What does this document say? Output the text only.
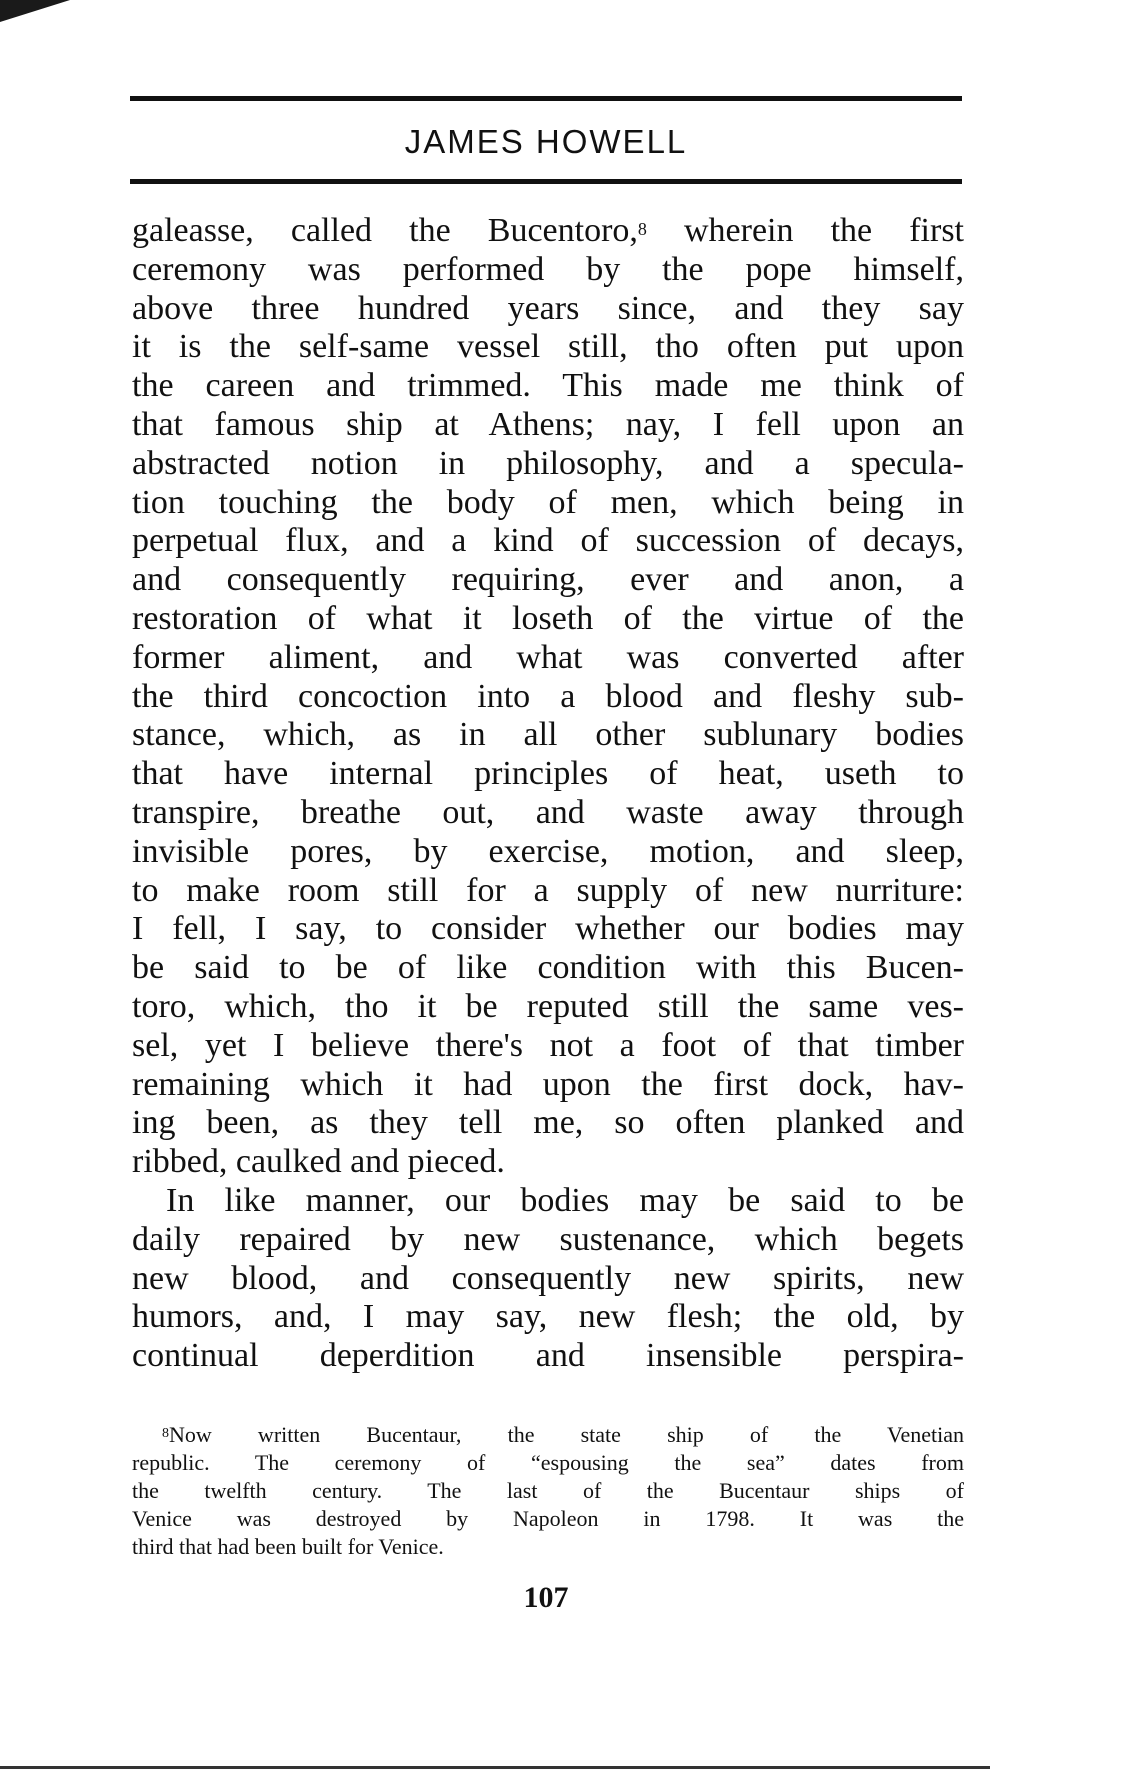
JAMES HOWELL
galeasse, called the Bucentoro,$^8$ wherein the first
ceremony was performed by the pope himself,
above three hundred years since, and they say
it is the self-same vessel still, tho often put upon
the careen and trimmed. This made me think of
that famous ship at Athens; nay, I fell upon an
abstracted notion in philosophy, and a specula-
tion touching the body of men, which being in
perpetual flux, and a kind of succession of decays,
and consequently requiring, ever and anon, a
restoration of what it loseth of the virtue of the
former aliment, and what was converted after
the third concoction into a blood and fleshy sub-
stance, which, as in all other sublunary bodies
that have internal principles of heat, useth to
transpire, breathe out, and waste away through
invisible pores, by exercise, motion, and sleep,
to make room still for a supply of new nurriture:
I fell, I say, to consider whether our bodies may
be said to be of like condition with this Bucen-
toro, which, tho it be reputed still the same ves-
sel, yet I believe there's not a foot of that timber
remaining which it had upon the first dock, hav-
ing been, as they tell me, so often planked and
ribbed, caulked and pieced.
In like manner, our bodies may be said to be
daily repaired by new sustenance, which begets
new blood, and consequently new spirits, new
humors, and, I may say, new flesh; the old, by
continual deperdition and insensible perspira-
$^8$Now written Bucentaur, the state ship of the Venetian
republic. The ceremony of “espousing the sea” dates from
the twelfth century. The last of the Bucentaur ships of
Venice was destroyed by Napoleon in 1798. It was the
third that had been built for Venice.
107
